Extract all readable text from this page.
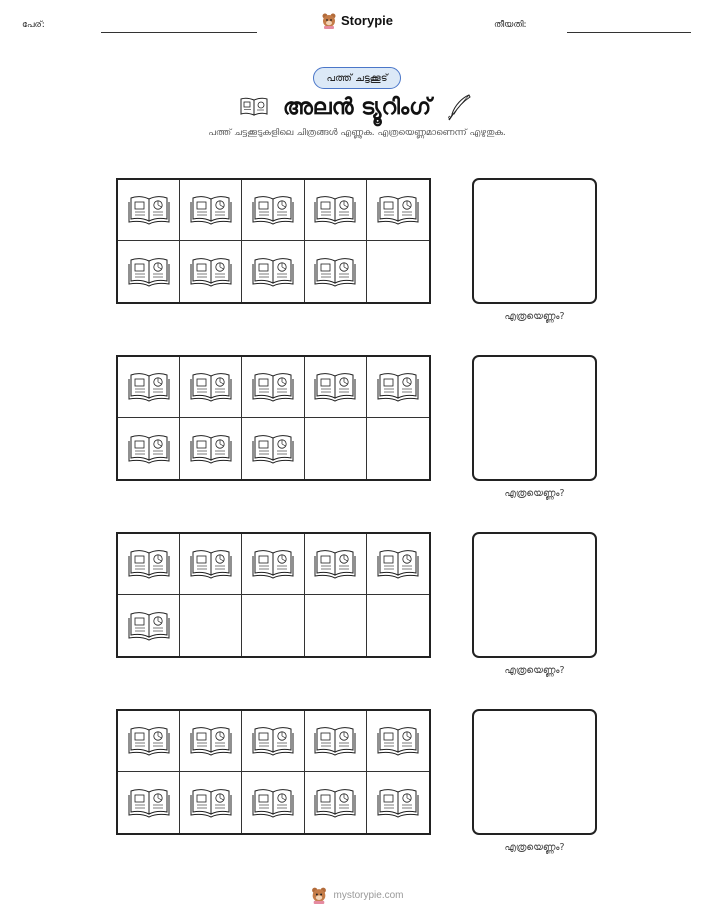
പേര്:	Storypie	തീയതി:
പത്ത് ചട്ടക്കൂട്
അലൻ ട്യൂറിംഗ്
പത്ത് ചട്ടക്കൂടുകളിലെ ചിത്രങ്ങൾ എണ്ണുക. എത്രയെണ്ണമാണെന്ന് എഴുതുക.
എത്രയെണ്ണം?
എത്രയെണ്ണം?
എത്രയെണ്ണം?
എത്രയെണ്ണം?
mystorypie.com
